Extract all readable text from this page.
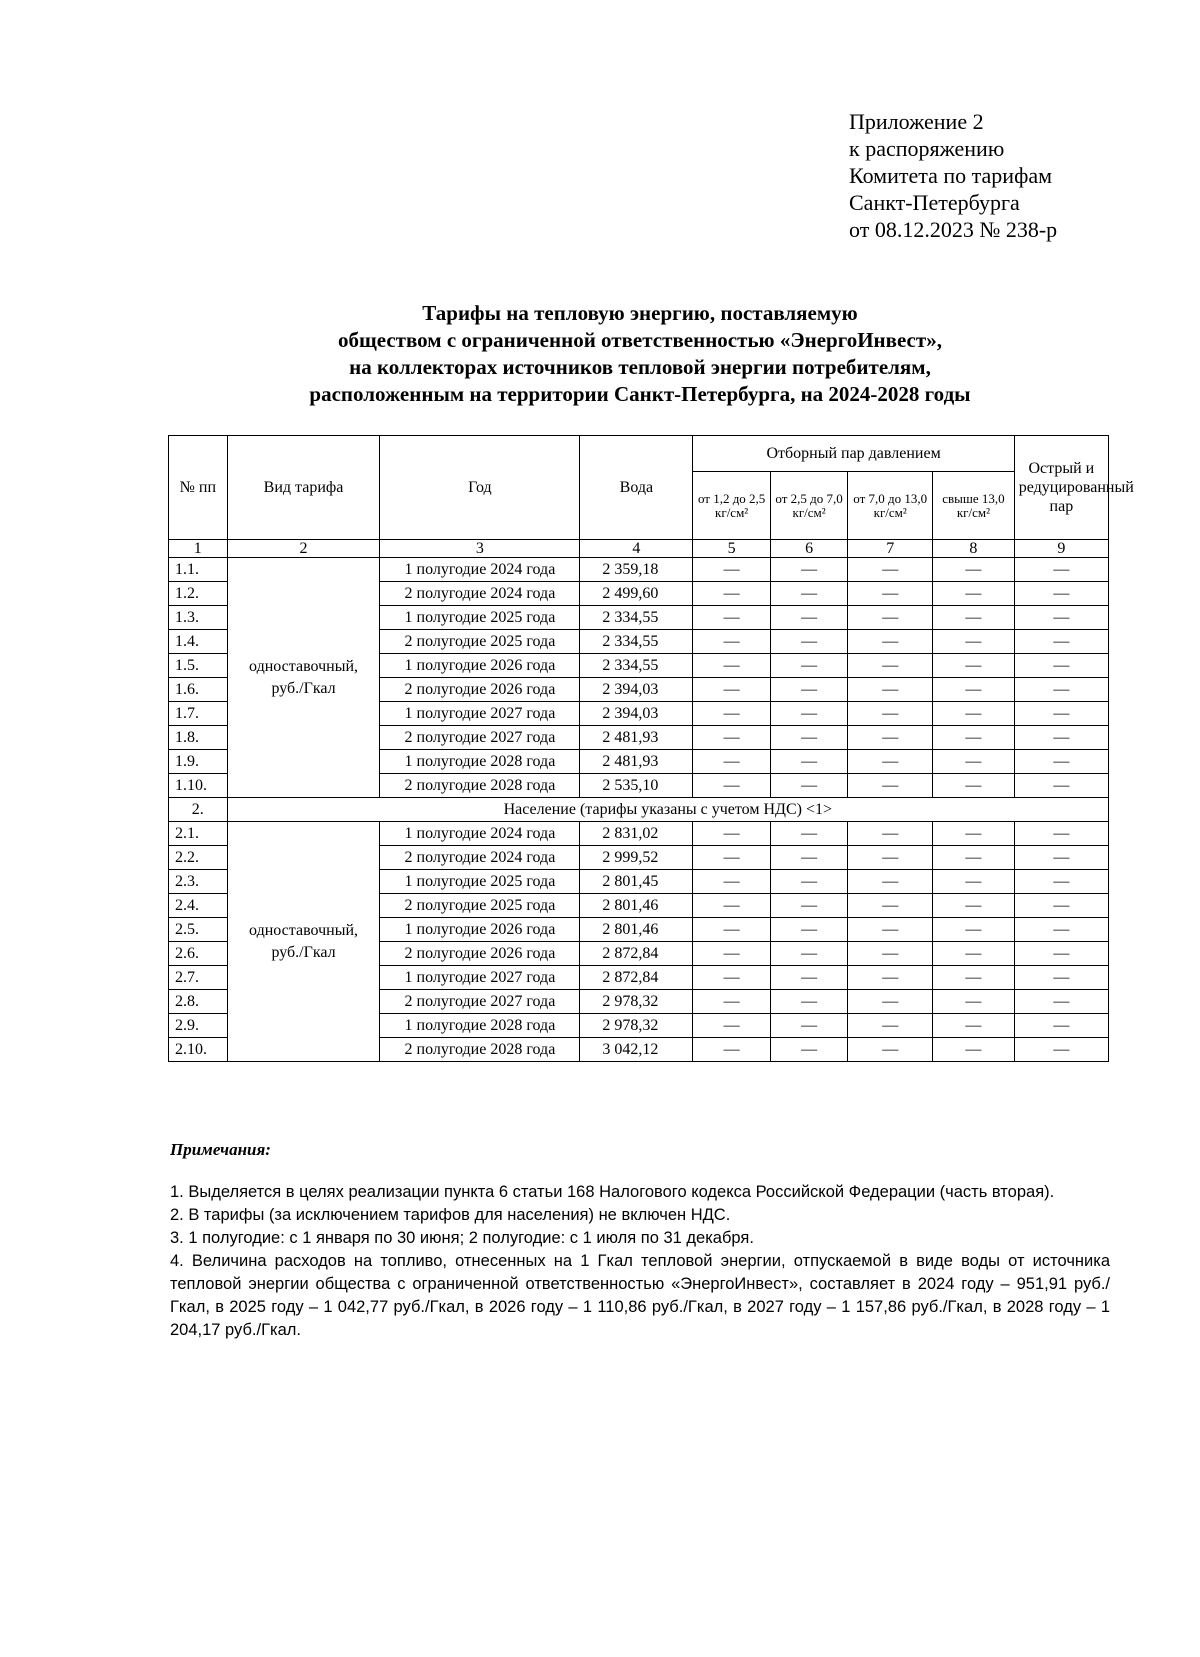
Приложение 2
к распоряжению
Комитета по тарифам
Санкт-Петербурга
от 08.12.2023 № 238-р
Тарифы на тепловую энергию, поставляемую
обществом с ограниченной ответственностью «ЭнергоИнвест»,
на коллекторах источников тепловой энергии потребителям,
расположенным на территории Санкт-Петербурга, на 2024-2028 годы
№ пп	Вид тарифа	Год	Вода	Отборный пар давлением				Острый и редуцированный пар
				от 1,2 до 2,5 кг/см²	от 2,5 до 7,0 кг/см²	от 7,0 до 13,0 кг/см²	свыше 13,0 кг/см²	
1	2	3	4	5	6	7	8	9
1.1.	одноставочный, руб./Гкал	1 полугодие 2024 года	2 359,18	—	—	—	—	—
1.2.		2 полугодие 2024 года	2 499,60	—	—	—	—	—
1.3.		1 полугодие 2025 года	2 334,55	—	—	—	—	—
1.4.		2 полугодие 2025 года	2 334,55	—	—	—	—	—
1.5.		1 полугодие 2026 года	2 334,55	—	—	—	—	—
1.6.		2 полугодие 2026 года	2 394,03	—	—	—	—	—
1.7.		1 полугодие 2027 года	2 394,03	—	—	—	—	—
1.8.		2 полугодие 2027 года	2 481,93	—	—	—	—	—
1.9.		1 полугодие 2028 года	2 481,93	—	—	—	—	—
1.10.		2 полугодие 2028 года	2 535,10	—	—	—	—	—
2.	Население (тарифы указаны с учетом НДС) <1>							
2.1.	одноставочный, руб./Гкал	1 полугодие 2024 года	2 831,02	—	—	—	—	—
2.2.		2 полугодие 2024 года	2 999,52	—	—	—	—	—
2.3.		1 полугодие 2025 года	2 801,45	—	—	—	—	—
2.4.		2 полугодие 2025 года	2 801,46	—	—	—	—	—
2.5.		1 полугодие 2026 года	2 801,46	—	—	—	—	—
2.6.		2 полугодие 2026 года	2 872,84	—	—	—	—	—
2.7.		1 полугодие 2027 года	2 872,84	—	—	—	—	—
2.8.		2 полугодие 2027 года	2 978,32	—	—	—	—	—
2.9.		1 полугодие 2028 года	2 978,32	—	—	—	—	—
2.10.		2 полугодие 2028 года	3 042,12	—	—	—	—	—
Примечания:
1. Выделяется в целях реализации пункта 6 статьи 168 Налогового кодекса Российской Федерации (часть вторая).
2. В тарифы (за исключением тарифов для населения) не включен НДС.
3. 1 полугодие: с 1 января по 30 июня; 2 полугодие: с 1 июля по 31 декабря.
4. Величина расходов на топливо, отнесенных на 1 Гкал тепловой энергии, отпускаемой в виде воды от источника тепловой энергии общества с ограниченной ответственностью «ЭнергоИнвест», составляет в 2024 году – 951,91 руб./Гкал, в 2025 году – 1 042,77 руб./Гкал, в 2026 году – 1 110,86 руб./Гкал, в 2027 году – 1 157,86 руб./Гкал, в 2028 году – 1 204,17 руб./Гкал.
